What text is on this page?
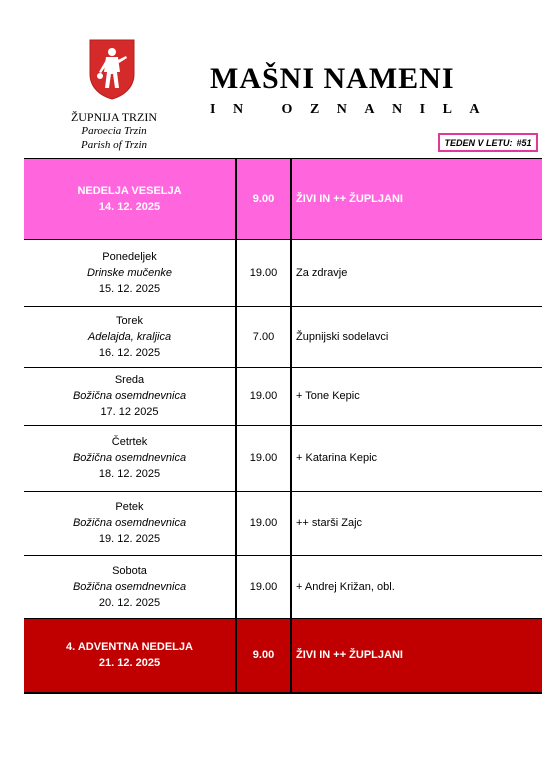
ŽUPNIJA TRZIN
Paroecia Trzin
Parish of Trzin
MAŠNI NAMENI
IN OZNANILA
TEDEN V LETU: #51
NEDELJA VESELJA
14. 12. 2025	9.00	ŽIVI IN ++ ŽUPLJANI

Ponedeljek
Drinske mučenke
15. 12. 2025	19.00	Za zdravje

Torek
Adelajda, kraljica
16. 12. 2025	7.00	Župnijski sodelavci

Sreda
Božična osemdnevnica
17. 12 2025	19.00	+ Tone Kepic

Četrtek
Božična osemdnevnica
18. 12. 2025	19.00	+ Katarina Kepic

Petek
Božična osemdnevnica
19. 12. 2025	19.00	++ starši Zajc

Sobota
Božična osemdnevnica
20. 12. 2025	19.00	+ Andrej Križan, obl.

4. ADVENTNA NEDELJA
21. 12. 2025	9.00	ŽIVI IN ++ ŽUPLJANI
